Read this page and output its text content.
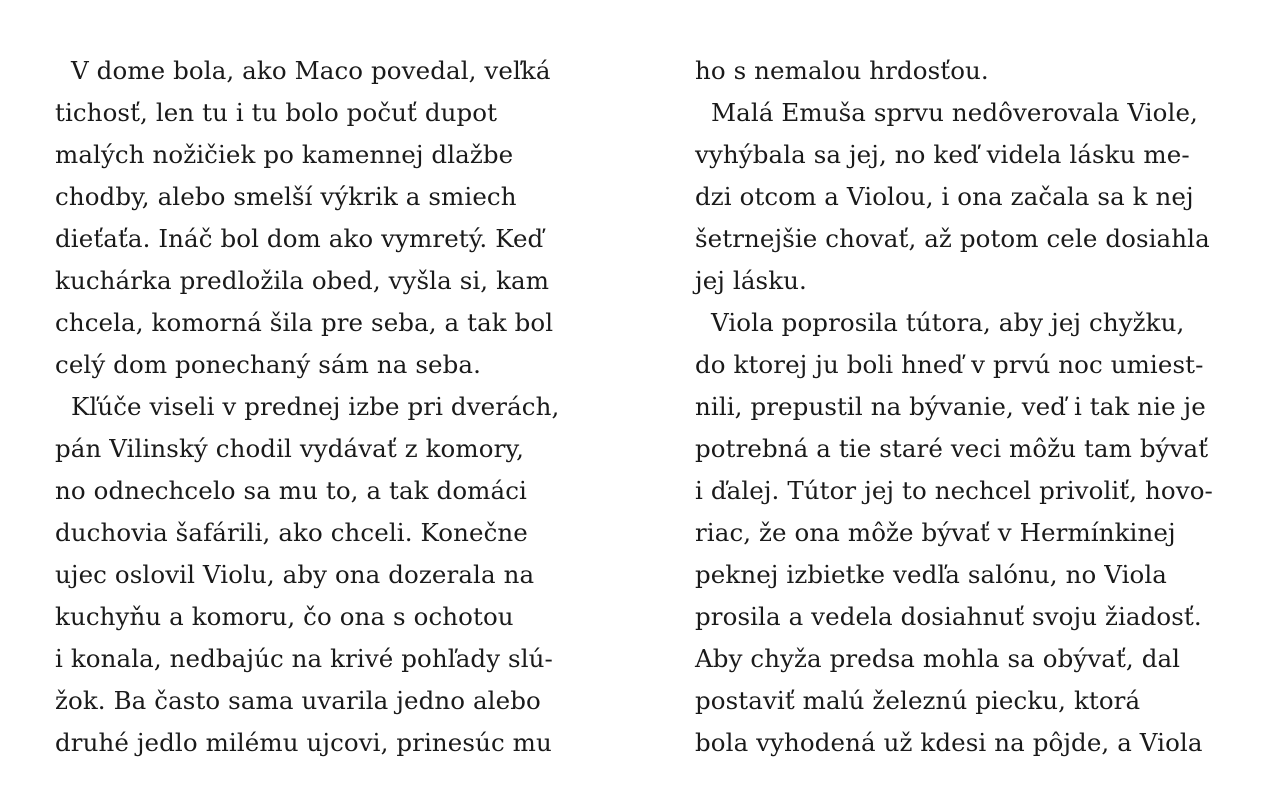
V dome bola, ako Maco povedal, veľká
tichosť, len tu i tu bolo počuť dupot
malých nožičiek po kamennej dlažbe
chodby, alebo smelší výkrik a smiech
dieťaťa. Ináč bol dom ako vymretý. Keď
kuchárka predložila obed, vyšla si, kam
chcela, komorná šila pre seba, a tak bol
celý dom ponechaný sám na seba.
Kľúče viseli v prednej izbe pri dverách,
pán Vilinský chodil vydávať z komory,
no odnechcelo sa mu to, a tak domáci
duchovia šafárili, ako chceli. Konečne
ujec oslovil Violu, aby ona dozerala na
kuchyňu a komoru, čo ona s ochotou
i konala, nedbajúc na krivé pohľady slú-
žok. Ba často sama uvarila jedno alebo
druhé jedlo milému ujcovi, prinesúc mu
ho s nemalou hrdosťou.
Malá Emuša sprvu nedôverovala Viole,
vyhýbala sa jej, no keď videla lásku me-
dzi otcom a Violou, i ona začala sa k nej
šetrnejšie chovať, až potom cele dosiahla
jej lásku.
Viola poprosila tútora, aby jej chyžku,
do ktorej ju boli hneď v prvú noc umiest-
nili, prepustil na bývanie, veď i tak nie je
potrebná a tie staré veci môžu tam bývať
i ďalej. Tútor jej to nechcel privoliť, hovo-
riac, že ona môže bývať v Hermínkinej
peknej izbietke vedľa salónu, no Viola
prosila a vedela dosiahnuť svoju žiadosť.
Aby chyža predsa mohla sa obývať, dal
postaviť malú železnú piecku, ktorá
bola vyhodená už kdesi na pôjde, a Viola
